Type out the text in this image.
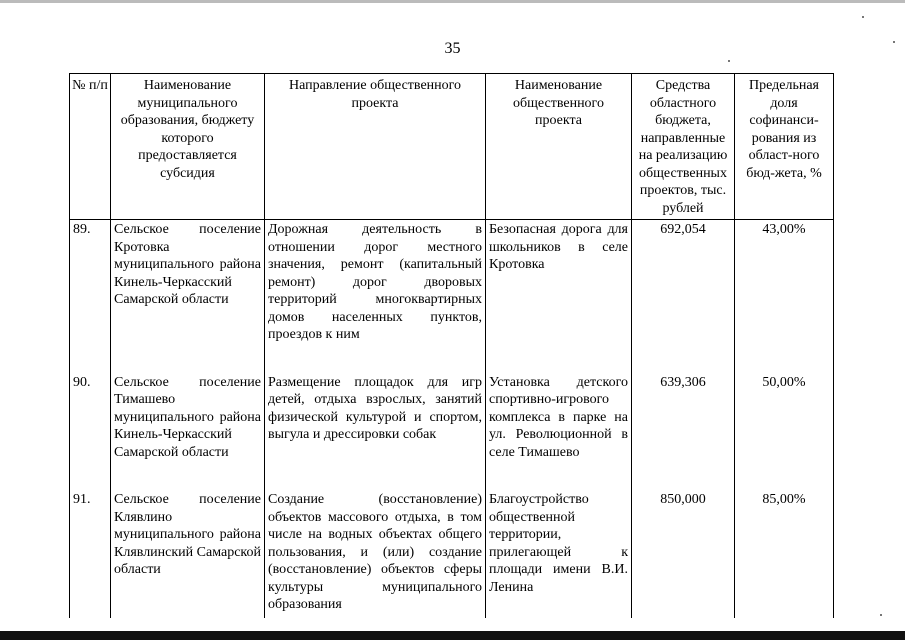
35
№ п/п	Наименование муниципального образования, бюджету которого предоставляется субсидия	Направление общественного проекта	Наименование общественного проекта	Средства областного бюджета, направленные на реализацию общественных проектов, тыс. рублей	Предельная доля софинанси-рования из област-ного бюд-жета, %
89.	Сельское поселение Кротовка муниципального района Кинель-Черкасский Самарской области	Дорожная деятельность в отношении дорог местного значения, ремонт (капитальный ремонт) дорог дворовых территорий многоквартирных домов населенных пунктов, проездов к ним	Безопасная дорога для школьников в селе Кротовка	692,054	43,00%
90.	Сельское поселение Тимашево муниципального района Кинель-Черкасский Самарской области	Размещение площадок для игр детей, отдыха взрослых, занятий физической культурой и спортом, выгула и дрессировки собак	Установка детского спортивно-игрового комплекса в парке на ул. Революционной в селе Тимашево	639,306	50,00%
91.	Сельское поселение Клявлино муниципального района Клявлинский Самарской области	Создание (восстановление) объектов массового отдыха, в том числе на водных объектах общего пользования, и (или) создание (восстановление) объектов сферы культуры муниципального образования	Благоустройство общественной территории, прилегающей к площади имени В.И. Ленина	850,000	85,00%
